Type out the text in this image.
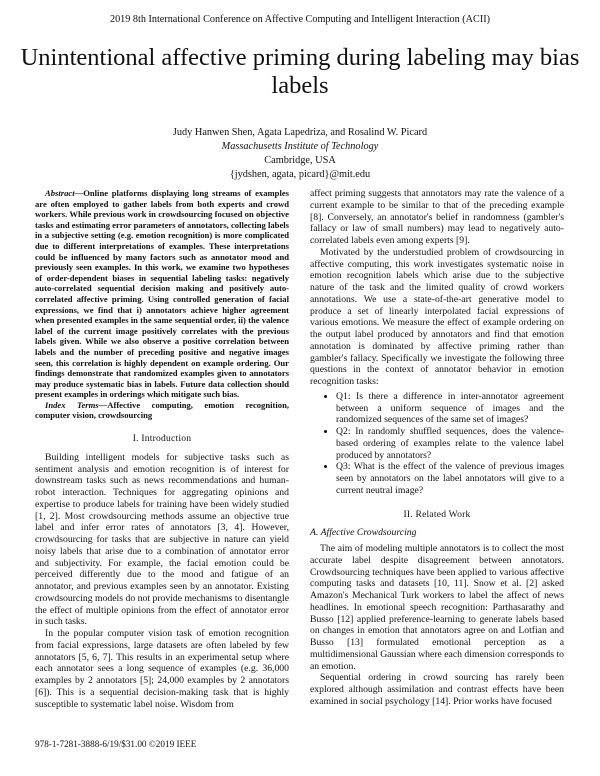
2019 8th International Conference on Affective Computing and Intelligent Interaction (ACII)
Unintentional affective priming during labeling may bias labels
Judy Hanwen Shen, Agata Lapedriza, and Rosalind W. Picard
Massachusetts Institute of Technology
Cambridge, USA
{jydshen, agata, picard}@mit.edu

Abstract—Online platforms displaying long streams of examples are often employed to gather labels from both experts and crowd workers. While previous work in crowdsourcing focused on objective tasks and estimating error parameters of annotators, collecting labels in a subjective setting (e.g. emotion recognition) is more complicated due to different interpretations of examples. These interpretations could be influenced by many factors such as annotator mood and previously seen examples. In this work, we examine two hypotheses of order-dependent biases in sequential labeling tasks: negatively auto-correlated sequential decision making and positively auto-correlated affective priming. Using controlled generation of facial expressions, we find that i) annotators achieve higher agreement when presented examples in the same sequential order, ii) the valence label of the current image positively correlates with the previous labels given. While we also observe a positive correlation between labels and the number of preceding positive and negative images seen, this correlation is highly dependent on example ordering. Our findings demonstrate that randomized examples given to annotators may produce systematic bias in labels. Future data collection should present examples in orderings which mitigate such bias.

Index Terms—Affective computing, emotion recognition, computer vision, crowdsourcing

I. Introduction

Building intelligent models for subjective tasks such as sentiment analysis and emotion recognition is of interest for downstream tasks such as news recommendations and human-robot interaction. Techniques for aggregating opinions and expertise to produce labels for training have been widely studied [1, 2]. Most crowdsourcing methods assume an objective true label and infer error rates of annotators [3, 4]. However, crowdsourcing for tasks that are subjective in nature can yield noisy labels that arise due to a combination of annotator error and subjectivity. For example, the facial emotion could be perceived differently due to the mood and fatigue of an annotator, and previous examples seen by an annotator. Existing crowdsourcing models do not provide mechanisms to disentangle the effect of multiple opinions from the effect of annotator error in such tasks.

In the popular computer vision task of emotion recognition from facial expressions, large datasets are often labeled by few annotators [5, 6, 7]. This results in an experimental setup where each annotator sees a long sequence of examples (e.g. 36,000 examples by 2 annotators [5]; 24,000 examples by 2 annotators [6]). This is a sequential decision-making task that is highly susceptible to systematic label noise. Wisdom from

affect priming suggests that annotators may rate the valence of a current example to be similar to that of the preceding example [8]. Conversely, an annotator's belief in randomness (gambler's fallacy or law of small numbers) may lead to negatively auto-correlated labels even among experts [9].

Motivated by the understudied problem of crowdsourcing in affective computing, this work investigates systematic noise in emotion recognition labels which arise due to the subjective nature of the task and the limited quality of crowd workers annotations. We use a state-of-the-art generative model to produce a set of linearly interpolated facial expressions of various emotions. We measure the effect of example ordering on the output label produced by annotators and find that emotion annotation is dominated by affective priming rather than gambler's fallacy. Specifically we investigate the following three questions in the context of annotator behavior in emotion recognition tasks:

• Q1: Is there a difference in inter-annotator agreement between a uniform sequence of images and the randomized sequences of the same set of images?
• Q2: In randomly shuffled sequences, does the valence-based ordering of examples relate to the valence label produced by annotators?
• Q3: What is the effect of the valence of previous images seen by annotators on the label annotators will give to a current neutral image?
II. Related Work
A. Affective Crowdsourcing

The aim of modeling multiple annotators is to collect the most accurate label despite disagreement between annotators. Crowdsourcing techniques have been applied to various affective computing tasks and datasets [10, 11]. Snow et al. [2] asked Amazon's Mechanical Turk workers to label the affect of news headlines. In emotional speech recognition: Parthasarathy and Busso [12] applied preference-learning to generate labels based on changes in emotion that annotators agree on and Lotfian and Busso [13] formulated emotional perception as a multidimensional Gaussian where each dimension corresponds to an emotion.

Sequential ordering in crowd sourcing has rarely been explored although assimilation and contrast effects have been examined in social psychology [14]. Prior works have focused

978-1-7281-3888-6/19/$31.00 ©2019 IEEE
